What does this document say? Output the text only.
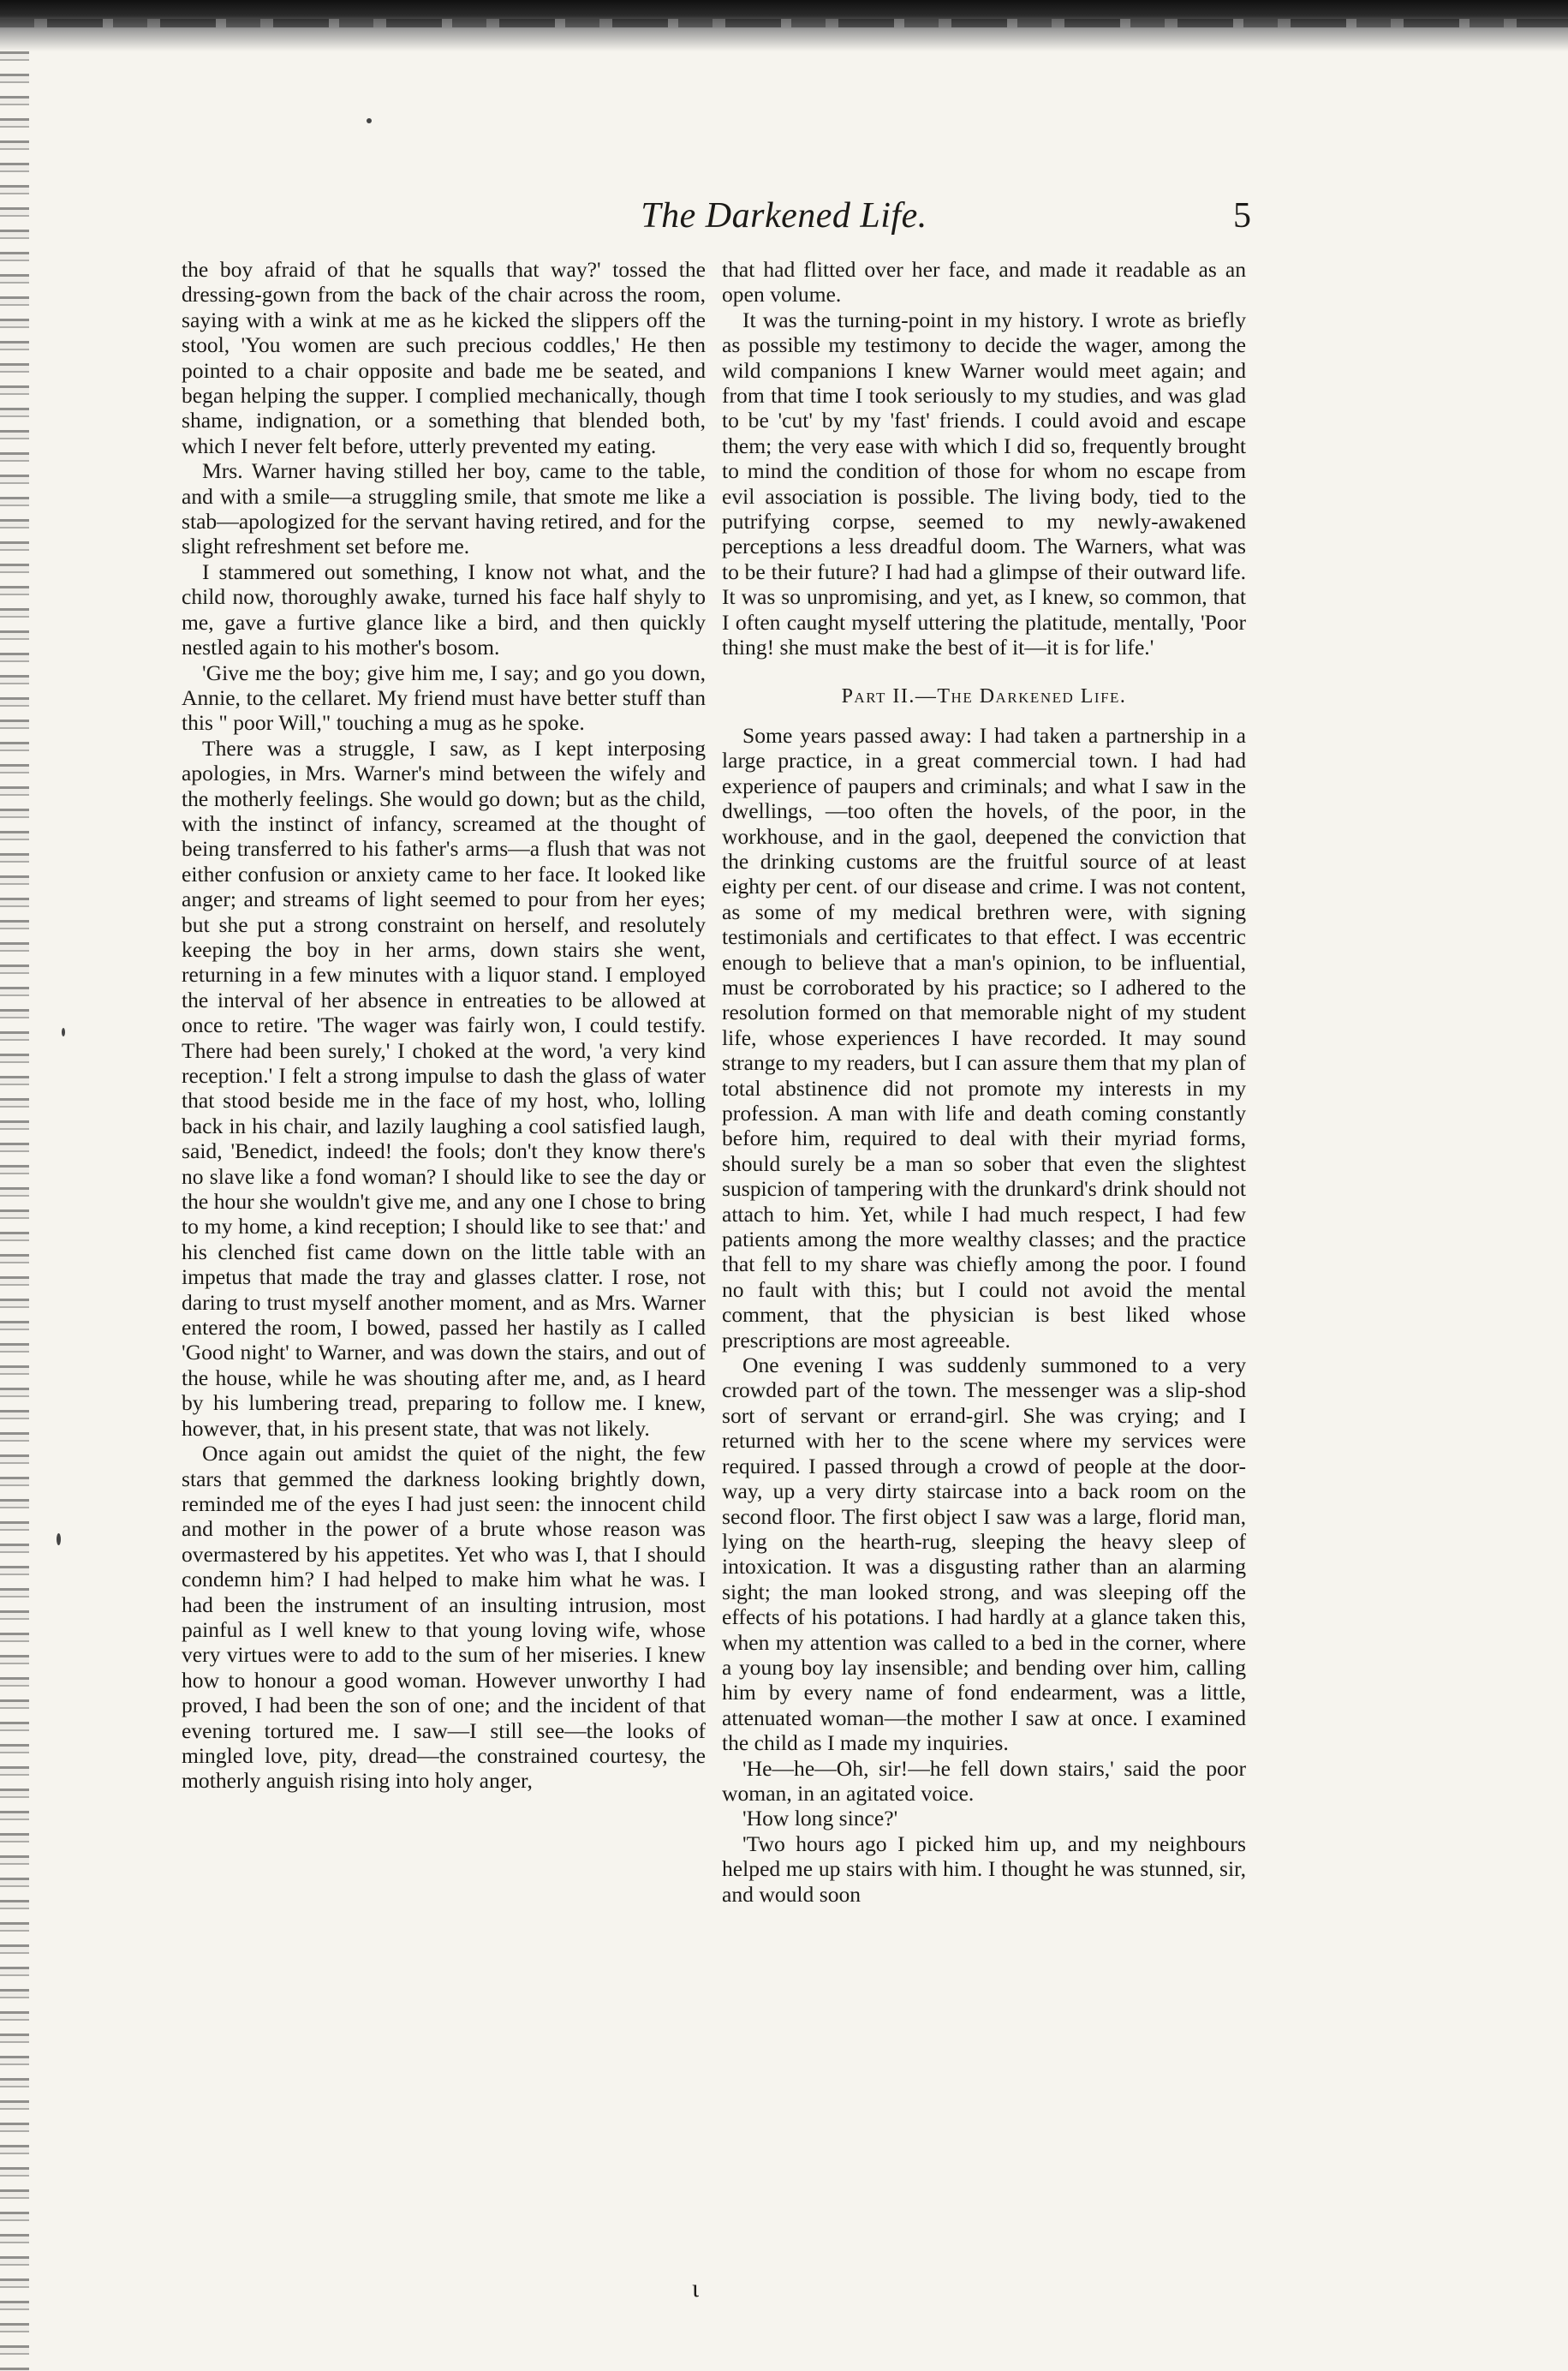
The Darkened Life.	5

the boy afraid of that he squalls that way?' tossed the dressing-gown from the back of the chair across the room, saying with a wink at me as he kicked the slippers off the stool, 'You women are such precious coddles,' He then pointed to a chair opposite and bade me be seated, and began helping the supper. I complied mechanically, though shame, indignation, or a something that blended both, which I never felt before, utterly prevented my eating.

Mrs. Warner having stilled her boy, came to the table, and with a smile—a struggling smile, that smote me like a stab—apologized for the servant having retired, and for the slight refreshment set before me.

I stammered out something, I know not what, and the child now, thoroughly awake, turned his face half shyly to me, gave a furtive glance like a bird, and then quickly nestled again to his mother's bosom.

'Give me the boy; give him me, I say; and go you down, Annie, to the cellaret. My friend must have better stuff than this " poor Will," touching a mug as he spoke.

There was a struggle, I saw, as I kept interposing apologies, in Mrs. Warner's mind between the wifely and the motherly feelings. She would go down; but as the child, with the instinct of infancy, screamed at the thought of being transferred to his father's arms—a flush that was not either confusion or anxiety came to her face. It looked like anger; and streams of light seemed to pour from her eyes; but she put a strong constraint on herself, and resolutely keeping the boy in her arms, down stairs she went, returning in a few minutes with a liquor stand. I employed the interval of her absence in entreaties to be allowed at once to retire. 'The wager was fairly won, I could testify. There had been surely,' I choked at the word, 'a very kind reception.' I felt a strong impulse to dash the glass of water that stood beside me in the face of my host, who, lolling back in his chair, and lazily laughing a cool satisfied laugh, said, 'Benedict, indeed! the fools; don't they know there's no slave like a fond woman? I should like to see the day or the hour she wouldn't give me, and any one I chose to bring to my home, a kind reception; I should like to see that:' and his clenched fist came down on the little table with an impetus that made the tray and glasses clatter. I rose, not daring to trust myself another moment, and as Mrs. Warner entered the room, I bowed, passed her hastily as I called 'Good night' to Warner, and was down the stairs, and out of the house, while he was shouting after me, and, as I heard by his lumbering tread, preparing to follow me. I knew, however, that, in his present state, that was not likely.

Once again out amidst the quiet of the night, the few stars that gemmed the darkness looking brightly down, reminded me of the eyes I had just seen: the innocent child and mother in the power of a brute whose reason was overmastered by his appetites. Yet who was I, that I should condemn him? I had helped to make him what he was. I had been the instrument of an insulting intrusion, most painful as I well knew to that young loving wife, whose very virtues were to add to the sum of her miseries. I knew how to honour a good woman. However unworthy I had proved, I had been the son of one; and the incident of that evening tortured me. I saw—I still see—the looks of mingled love, pity, dread—the constrained courtesy, the motherly anguish rising into holy anger,

that had flitted over her face, and made it readable as an open volume.

It was the turning-point in my history. I wrote as briefly as possible my testimony to decide the wager, among the wild companions I knew Warner would meet again; and from that time I took seriously to my studies, and was glad to be 'cut' by my 'fast' friends. I could avoid and escape them; the very ease with which I did so, frequently brought to mind the condition of those for whom no escape from evil association is possible. The living body, tied to the putrifying corpse, seemed to my newly-awakened perceptions a less dreadful doom. The Warners, what was to be their future? I had had a glimpse of their outward life. It was so unpromising, and yet, as I knew, so common, that I often caught myself uttering the platitude, mentally, 'Poor thing! she must make the best of it—it is for life.'

Part II.—The Darkened Life.

Some years passed away: I had taken a partnership in a large practice, in a great commercial town. I had had experience of paupers and criminals; and what I saw in the dwellings, —too often the hovels, of the poor, in the workhouse, and in the gaol, deepened the conviction that the drinking customs are the fruitful source of at least eighty per cent. of our disease and crime. I was not content, as some of my medical brethren were, with signing testimonials and certificates to that effect. I was eccentric enough to believe that a man's opinion, to be influential, must be corroborated by his practice; so I adhered to the resolution formed on that memorable night of my student life, whose experiences I have recorded. It may sound strange to my readers, but I can assure them that my plan of total abstinence did not promote my interests in my profession. A man with life and death coming constantly before him, required to deal with their myriad forms, should surely be a man so sober that even the slightest suspicion of tampering with the drunkard's drink should not attach to him. Yet, while I had much respect, I had few patients among the more wealthy classes; and the practice that fell to my share was chiefly among the poor. I found no fault with this; but I could not avoid the mental comment, that the physician is best liked whose prescriptions are most agreeable.

One evening I was suddenly summoned to a very crowded part of the town. The messenger was a slip-shod sort of servant or errand-girl. She was crying; and I returned with her to the scene where my services were required. I passed through a crowd of people at the door-way, up a very dirty staircase into a back room on the second floor. The first object I saw was a large, florid man, lying on the hearth-rug, sleeping the heavy sleep of intoxication. It was a disgusting rather than an alarming sight; the man looked strong, and was sleeping off the effects of his potations. I had hardly at a glance taken this, when my attention was called to a bed in the corner, where a young boy lay insensible; and bending over him, calling him by every name of fond endearment, was a little, attenuated woman—the mother I saw at once. I examined the child as I made my inquiries.

'He—he—Oh, sir!—he fell down stairs,' said the poor woman, in an agitated voice.

'How long since?'

'Two hours ago I picked him up, and my neighbours helped me up stairs with him. I thought he was stunned, sir, and would soon

ι
